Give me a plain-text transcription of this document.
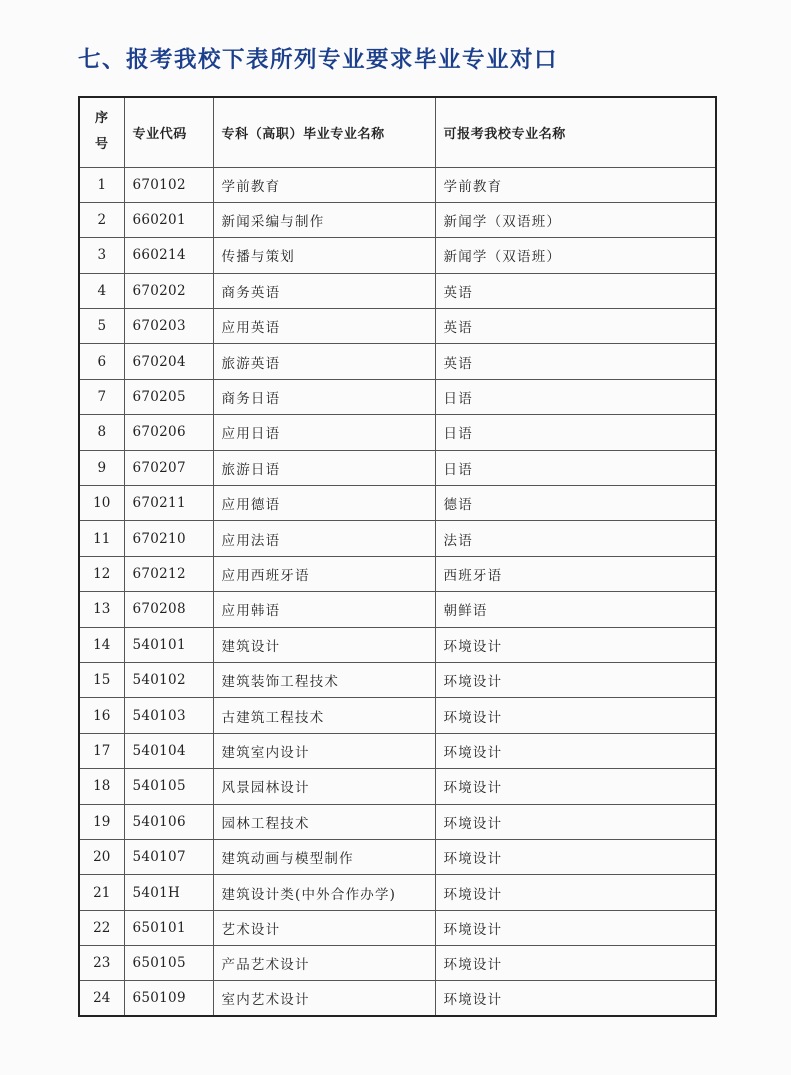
七、报考我校下表所列专业要求毕业专业对口
序
号	专业代码	专科（高职）毕业专业名称	可报考我校专业名称
1	670102	学前教育	学前教育
2	660201	新闻采编与制作	新闻学（双语班）
3	660214	传播与策划	新闻学（双语班）
4	670202	商务英语	英语
5	670203	应用英语	英语
6	670204	旅游英语	英语
7	670205	商务日语	日语
8	670206	应用日语	日语
9	670207	旅游日语	日语
10	670211	应用德语	德语
11	670210	应用法语	法语
12	670212	应用西班牙语	西班牙语
13	670208	应用韩语	朝鲜语
14	540101	建筑设计	环境设计
15	540102	建筑装饰工程技术	环境设计
16	540103	古建筑工程技术	环境设计
17	540104	建筑室内设计	环境设计
18	540105	风景园林设计	环境设计
19	540106	园林工程技术	环境设计
20	540107	建筑动画与模型制作	环境设计
21	5401H	建筑设计类(中外合作办学)	环境设计
22	650101	艺术设计	环境设计
23	650105	产品艺术设计	环境设计
24	650109	室内艺术设计	环境设计
